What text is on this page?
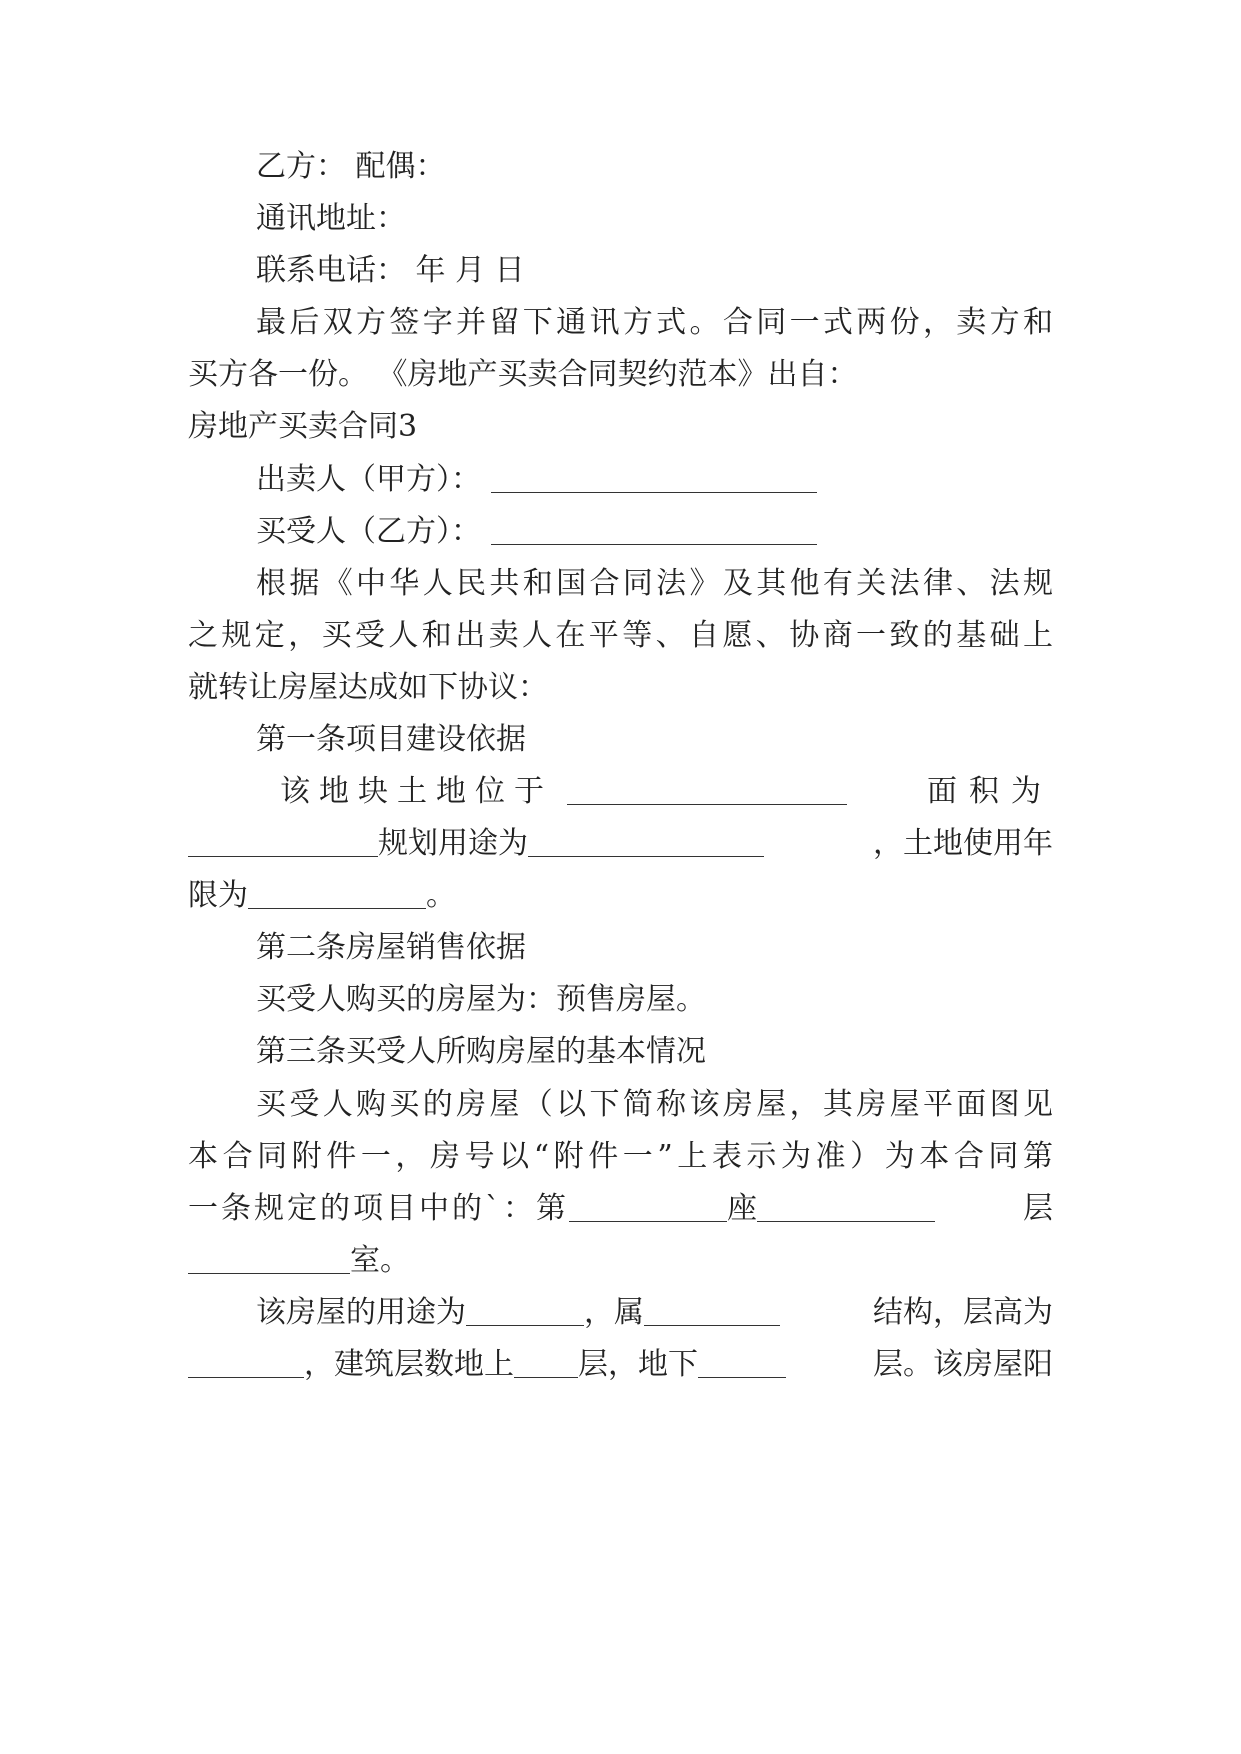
乙方： 配偶：
通讯地址：
联系电话： 年 月 日
最后双方签字并留下通讯方式。合同一式两份，卖方和
买方各一份。 《房地产买卖合同契约范本》出自：
房地产买卖合同3
出卖人（甲方）：
买受人（乙方）：
根据《中华人民共和国合同法》及其他有关法律、法规
之规定，买受人和出卖人在平等、自愿、协商一致的基础上
就转让房屋达成如下协议：
第一条项目建设依据
该地块土地位于	面积为
规划用途为	，土地使用年
限为	。
第二条房屋销售依据
买受人购买的房屋为：预售房屋。
第三条买受人所购房屋的基本情况
买受人购买的房屋（以下简称该房屋，其房屋平面图见
本合同附件一，房号以“附件一”上表示为准）为本合同第
一条规定的项目中的`：第	座	层
室。
该房屋的用途为	，属	结构，层高为
，建筑层数地上 层，地下	层。该房屋阳
